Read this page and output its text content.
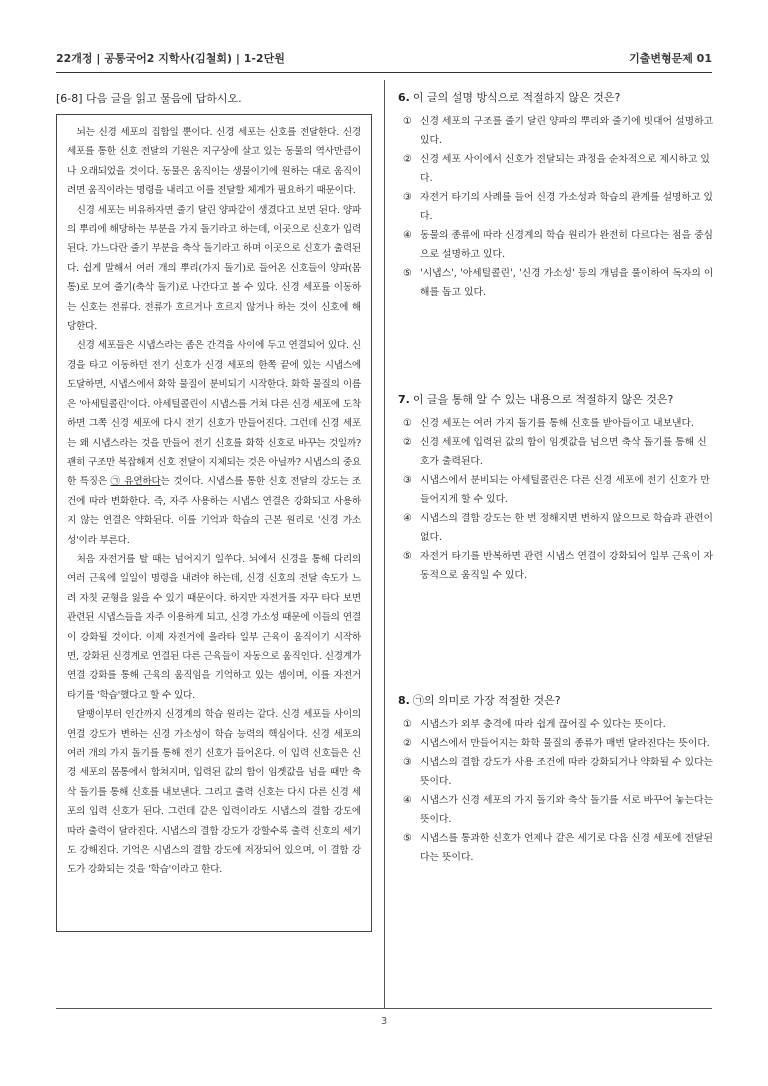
22개정 | 공통국어2 지학사(김철회) | 1-2단원	기출변형문제 01
[6-8] 다음 글을 읽고 물음에 답하시오.

뇌는 신경 세포의 집합일 뿐이다. 신경 세포는 신호를 전달한다. 신경 세포를 통한 신호 전달의 기원은 지구상에 살고 있는 동물의 역사만큼이나 오래되었을 것이다. 동물은 움직이는 생물이기에 원하는 대로 움직이려면 움직이라는 명령을 내리고 이를 전달할 체계가 필요하기 때문이다.

신경 세포는 비유하자면 줄기 달린 양파같이 생겼다고 보면 된다. 양파의 뿌리에 해당하는 부분을 가지 돌기라고 하는데, 이곳으로 신호가 입력된다. 가느다란 줄기 부분을 축삭 돌기라고 하며 이곳으로 신호가 출력된다. 쉽게 말해서 여러 개의 뿌리(가지 돌기)로 들어온 신호들이 양파(몸통)로 모여 줄기(축삭 돌기)로 나간다고 볼 수 있다. 신경 세포를 이동하는 신호는 전류다. 전류가 흐르거나 흐르지 않거나 하는 것이 신호에 해당한다.

신경 세포들은 시냅스라는 좁은 간격을 사이에 두고 연결되어 있다. 신경을 타고 이동하던 전기 신호가 신경 세포의 한쪽 끝에 있는 시냅스에 도달하면, 시냅스에서 화학 물질이 분비되기 시작한다. 화학 물질의 이름은 '아세틸콜린'이다. 아세틸콜린이 시냅스를 거쳐 다른 신경 세포에 도착하면 그쪽 신경 세포에 다시 전기 신호가 만들어진다. 그런데 신경 세포는 왜 시냅스라는 것을 만들어 전기 신호를 화학 신호로 바꾸는 것일까? 괜히 구조만 복잡해져 신호 전달이 지체되는 것은 아닐까? 시냅스의 중요한 특징은 ㉠ 유연하다는 것이다. 시냅스를 통한 신호 전달의 강도는 조건에 따라 변화한다. 즉, 자주 사용하는 시냅스 연결은 강화되고 사용하지 않는 연결은 약화된다. 이를 기억과 학습의 근본 원리로 '신경 가소성'이라 부른다.

처음 자전거를 탈 때는 넘어지기 일쑤다. 뇌에서 신경을 통해 다리의 여러 근육에 일일이 명령을 내려야 하는데, 신경 신호의 전달 속도가 느려 자칫 균형을 잃을 수 있기 때문이다. 하지만 자전거를 자꾸 타다 보면 관련된 시냅스들을 자주 이용하게 되고, 신경 가소성 때문에 이들의 연결이 강화될 것이다. 이제 자전거에 올라타 일부 근육이 움직이기 시작하면, 강화된 신경계로 연결된 다른 근육들이 자동으로 움직인다. 신경계가 연결 강화를 통해 근육의 움직임을 기억하고 있는 셈이며, 이를 자전거 타기를 '학습'했다고 할 수 있다.

달팽이부터 인간까지 신경계의 학습 원리는 같다. 신경 세포들 사이의 연결 강도가 변하는 신경 가소성이 학습 능력의 핵심이다. 신경 세포의 여러 개의 가지 돌기를 통해 전기 신호가 들어온다. 이 입력 신호들은 신경 세포의 몸통에서 합쳐지며, 입력된 값의 합이 임곗값을 넘을 때만 축삭 돌기를 통해 신호를 내보낸다. 그리고 출력 신호는 다시 다른 신경 세포의 입력 신호가 된다. 그런데 같은 입력이라도 시냅스의 결합 강도에 따라 출력이 달라진다. 시냅스의 결합 강도가 강할수록 출력 신호의 세기도 강해진다. 기억은 시냅스의 결합 강도에 저장되어 있으며, 이 결합 강도가 강화되는 것을 '학습'이라고 한다.

6. 이 글의 설명 방식으로 적절하지 않은 것은?
① 신경 세포의 구조를 줄기 달린 양파의 뿌리와 줄기에 빗대어 설명하고 있다.
② 신경 세포 사이에서 신호가 전달되는 과정을 순차적으로 제시하고 있다.
③ 자전거 타기의 사례를 들어 신경 가소성과 학습의 관계를 설명하고 있다.
④ 동물의 종류에 따라 신경계의 학습 원리가 완전히 다르다는 점을 중심으로 설명하고 있다.
⑤ '시냅스', '아세틸콜린', '신경 가소성' 등의 개념을 풀이하여 독자의 이해를 돕고 있다.
7. 이 글을 통해 알 수 있는 내용으로 적절하지 않은 것은?
① 신경 세포는 여러 가지 돌기를 통해 신호를 받아들이고 내보낸다.
② 신경 세포에 입력된 값의 합이 임곗값을 넘으면 축삭 돌기를 통해 신호가 출력된다.
③ 시냅스에서 분비되는 아세틸콜린은 다른 신경 세포에 전기 신호가 만들어지게 할 수 있다.
④ 시냅스의 결합 강도는 한 번 정해지면 변하지 않으므로 학습과 관련이 없다.
⑤ 자전거 타기를 반복하면 관련 시냅스 연결이 강화되어 일부 근육이 자동적으로 움직일 수 있다.
8. ㉠의 의미로 가장 적절한 것은?
① 시냅스가 외부 충격에 따라 쉽게 끊어질 수 있다는 뜻이다.
② 시냅스에서 만들어지는 화학 물질의 종류가 매번 달라진다는 뜻이다.
③ 시냅스의 결합 강도가 사용 조건에 따라 강화되거나 약화될 수 있다는 뜻이다.
④ 시냅스가 신경 세포의 가지 돌기와 축삭 돌기를 서로 바꾸어 놓는다는 뜻이다.
⑤ 시냅스를 통과한 신호가 언제나 같은 세기로 다음 신경 세포에 전달된다는 뜻이다.
3
